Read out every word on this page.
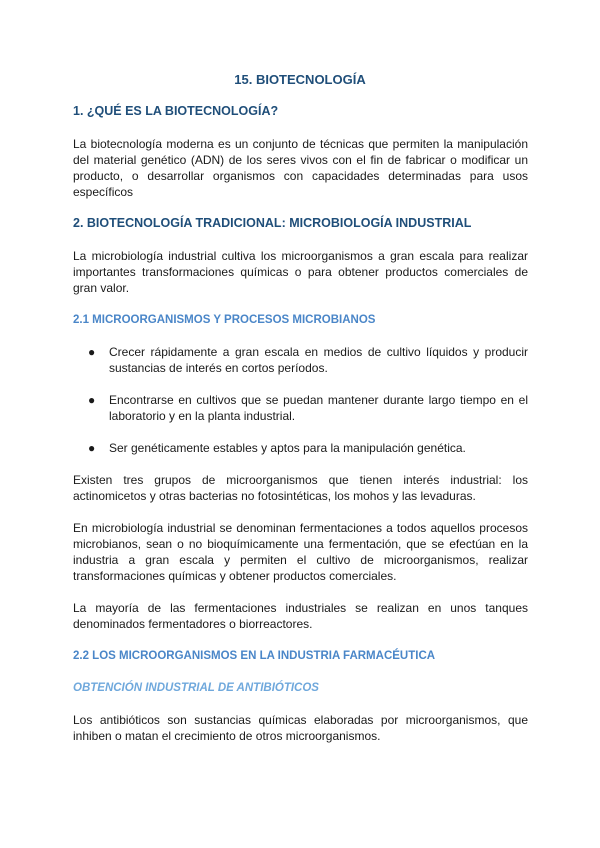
15. BIOTECNOLOGÍA
1. ¿QUÉ ES LA BIOTECNOLOGÍA?
La biotecnología moderna es un conjunto de técnicas que permiten la manipulación del material genético (ADN) de los seres vivos con el fin de fabricar o modificar un producto, o desarrollar organismos con capacidades determinadas para usos específicos
2. BIOTECNOLOGÍA TRADICIONAL: MICROBIOLOGÍA INDUSTRIAL
La microbiología industrial cultiva los microorganismos a gran escala para realizar importantes transformaciones químicas o para obtener productos comerciales de gran valor.
2.1 MICROORGANISMOS Y PROCESOS MICROBIANOS
● Crecer rápidamente a gran escala en medios de cultivo líquidos y producir sustancias de interés en cortos períodos.
● Encontrarse en cultivos que se puedan mantener durante largo tiempo en el laboratorio y en la planta industrial.
● Ser genéticamente estables y aptos para la manipulación genética.
Existen tres grupos de microorganismos que tienen interés industrial: los actinomicetos y otras bacterias no fotosintéticas, los mohos y las levaduras.
En microbiología industrial se denominan fermentaciones a todos aquellos procesos microbianos, sean o no bioquímicamente una fermentación, que se efectúan en la industria a gran escala y permiten el cultivo de microorganismos, realizar transformaciones químicas y obtener productos comerciales.
La mayoría de las fermentaciones industriales se realizan en unos tanques denominados fermentadores o biorreactores.
2.2 LOS MICROORGANISMOS EN LA INDUSTRIA FARMACÉUTICA
OBTENCIÓN INDUSTRIAL DE ANTIBIÓTICOS
Los antibióticos son sustancias químicas elaboradas por microorganismos, que inhiben o matan el crecimiento de otros microorganismos.
